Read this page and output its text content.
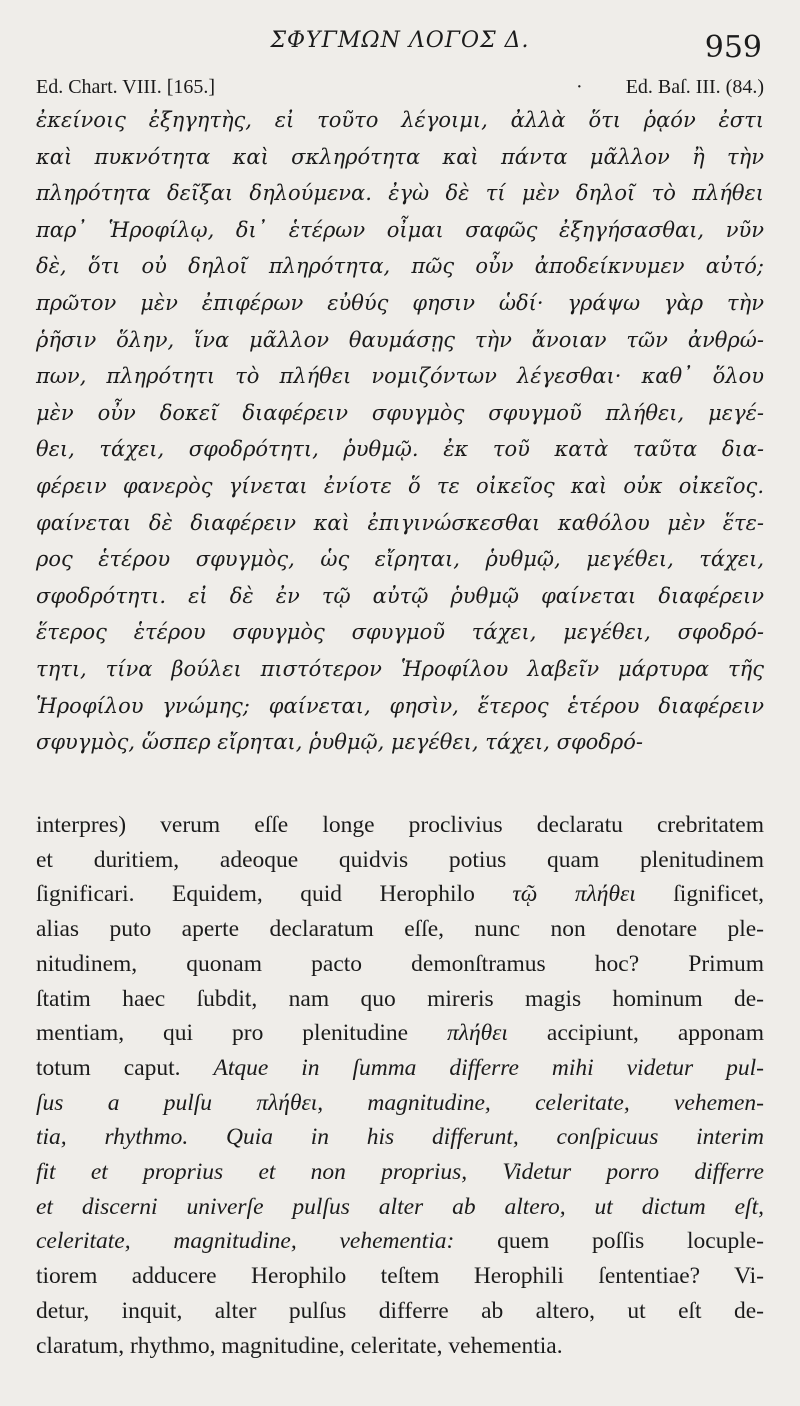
ΣΦΥΓΜΩΝ ΛΟΓΟΣ Δ.	959
Ed. Chart. VIII. [165.]	· Ed. Baſ. III. (84.)
ἐκείνοις ἐξηγητὴς, εἰ τοῦτο λέγοιμι, ἀλλὰ ὅτι ῥᾳόν ἐστι
καὶ πυκνότητα καὶ σκληρότητα καὶ πάντα μᾶλλον ἢ τὴν
πληρότητα δεῖξαι δηλούμενα. ἐγὼ δὲ τί μὲν δηλοῖ τὸ πλήθει
παρ᾽ Ἡροφίλῳ, δι᾽ ἑτέρων οἶμαι σαφῶς ἐξηγήσασθαι, νῦν
δὲ, ὅτι οὐ δηλοῖ πληρότητα, πῶς οὖν ἀποδείκνυμεν αὐτό;
πρῶτον μὲν ἐπιφέρων εὐθύς φησιν ὡδί· γράψω γὰρ τὴν
ῥῆσιν ὅλην, ἵνα μᾶλλον θαυμάσῃς τὴν ἄνοιαν τῶν ἀνθρώ-
πων, πληρότητι τὸ πλήθει νομιζόντων λέγεσθαι· καθ᾽ ὅλου
μὲν οὖν δοκεῖ διαφέρειν σφυγμὸς σφυγμοῦ πλήθει, μεγέ-
θει, τάχει, σφοδρότητι, ῥυθμῷ. ἐκ τοῦ κατὰ ταῦτα δια-
φέρειν φανερὸς γίνεται ἐνίοτε ὅ τε οἰκεῖος καὶ οὐκ οἰκεῖος.
φαίνεται δὲ διαφέρειν καὶ ἐπιγινώσκεσθαι καθόλου μὲν ἕτε-
ρος ἑτέρου σφυγμὸς, ὡς εἴρηται, ῥυθμῷ, μεγέθει, τάχει,
σφοδρότητι. εἰ δὲ ἐν τῷ αὐτῷ ῥυθμῷ φαίνεται διαφέρειν
ἕτερος ἑτέρου σφυγμὸς σφυγμοῦ τάχει, μεγέθει, σφοδρό-
τητι, τίνα βούλει πιστότερον Ἡροφίλου λαβεῖν μάρτυρα τῆς
Ἡροφίλου γνώμης; φαίνεται, φησὶν, ἕτερος ἑτέρου διαφέρειν
σφυγμὸς, ὥσπερ εἴρηται, ῥυθμῷ, μεγέθει, τάχει, σφοδρό-
interpres) verum eſſe longe proclivius declaratu crebritatem
et duritiem, adeoque quidvis potius quam plenitudinem
ſignificari. Equidem, quid Herophilo τῷ πλήθει ſignificet,
alias puto aperte declaratum eſſe, nunc non denotare ple-
nitudinem, quonam pacto demonſtramus hoc? Primum
ſtatim haec ſubdit, nam quo mireris magis hominum de-
mentiam, qui pro plenitudine πλήθει accipiunt, apponam
totum caput. Atque in ſumma differre mihi videtur pul-
ſus a pulſu πλήθει, magnitudine, celeritate, vehemen-
tia, rhythmo. Quia in his differunt, conſpicuus interim
fit et proprius et non proprius, Videtur porro differre
et discerni univerſe pulſus alter ab altero, ut dictum eſt,
celeritate, magnitudine, vehementia: quem poſſis locuple-
tiorem adducere Herophilo teſtem Herophili ſententiae? Vi-
detur, inquit, alter pulſus differre ab altero, ut eſt de-
claratum, rhythmo, magnitudine, celeritate, vehementia.
